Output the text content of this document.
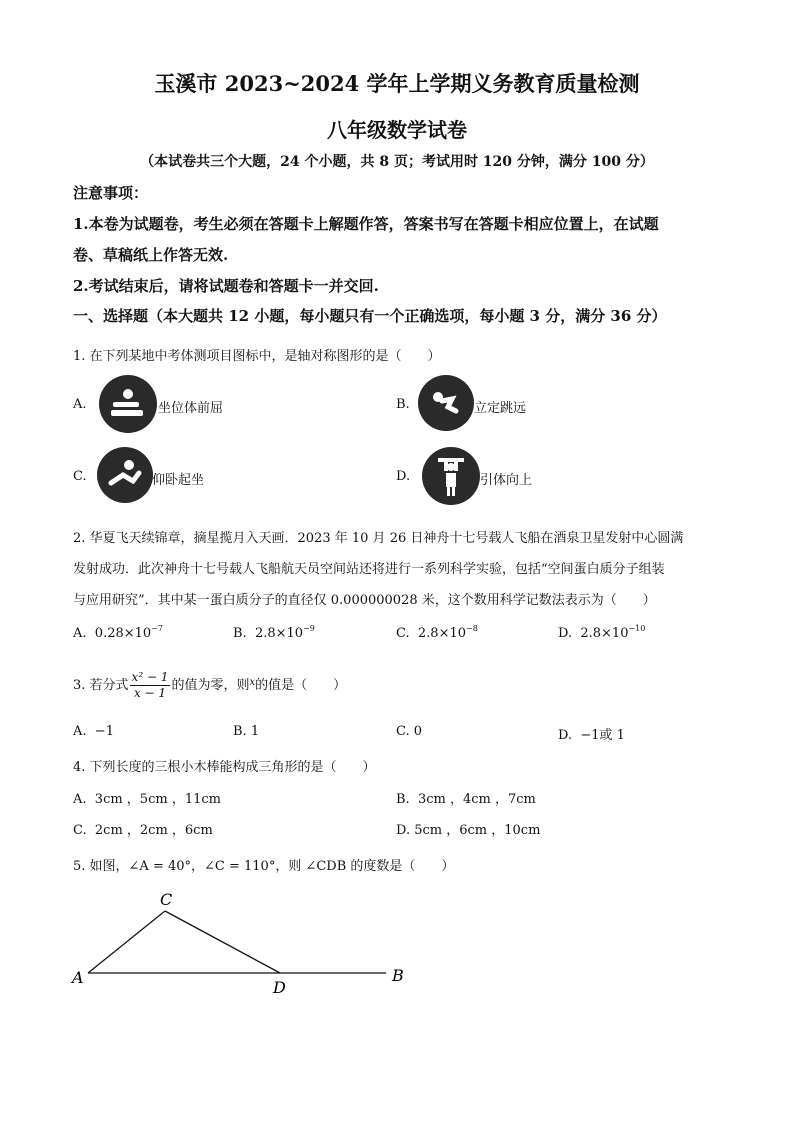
玉溪市 2023~2024 学年上学期义务教育质量检测
八年级数学试卷
（本试卷共三个大题，24 个小题，共 8 页；考试用时 120 分钟，满分 100 分）
注意事项：
1.本卷为试题卷，考生必须在答题卡上解题作答，答案书写在答题卡相应位置上，在试题
卷、草稿纸上作答无效.
2.考试结束后，请将试题卷和答题卡一并交回.
一、选择题（本大题共 12 小题，每小题只有一个正确选项，每小题 3 分，满分 36 分）
1. 在下列某地中考体测项目图标中，是轴对称图形的是（　　）
A.	坐位体前屈	B.	立定跳远
C.	仰卧起坐	D.	引体向上
2. 华夏飞天续锦章，摘星揽月入天画．2023 年 10 月 26 日神舟十七号载人飞船在酒泉卫星发射中心圆满
发射成功．此次神舟十七号载人飞船航天员空间站还将进行一系列科学实验，包括“空间蛋白质分子组装
与应用研究”．其中某一蛋白质分子的直径仅 0.000000028 米，这个数用科学记数法表示为（　　）
A. $0.28\times 10^{-7}$	B. $2.8\times 10^{-9}$	C. $2.8\times 10^{-8}$	D. $2.8\times 10^{-10}$
3. 若分式 $\frac{\text{x² − 1}}{x - 1}$ 的值为零，则$^x$的值是（　　）
A. −1	B. 1	C. 0	D. −1或 1
4. 下列长度的三根小木棒能构成三角形的是（　　）
A. 3cm ，5cm ，11cm	B. 3cm ，4cm ，7cm
C. 2cm ，2cm ，6cm	D. 5cm ，6cm ，10cm
5. 如图，∠A = 40°，∠C = 110°，则 ∠CDB 的度数是（　　）
C
A
D
B
